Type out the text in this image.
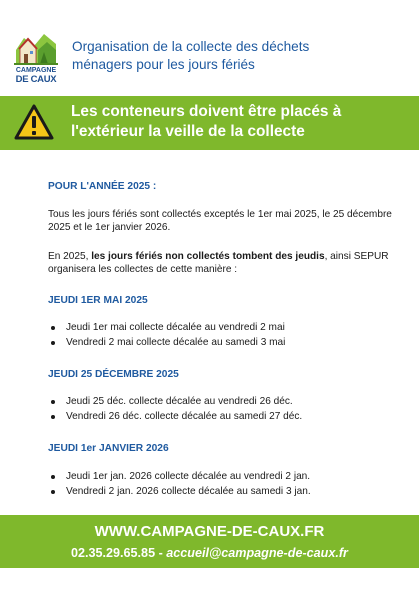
CAMPAGNE
DE CAUX
Organisation de la collecte des déchets ménagers pour les jours fériés
Les conteneurs doivent être placés à l'extérieur la veille de la collecte
POUR L'ANNÉE 2025 :
Tous les jours fériés sont collectés exceptés le 1er mai 2025, le 25 décembre 2025 et le 1er janvier 2026.
En 2025, les jours fériés non collectés tombent des jeudis, ainsi SEPUR organisera les collectes de cette manière :
JEUDI 1ER MAI 2025
Jeudi 1er mai collecte décalée au vendredi 2 mai
Vendredi 2 mai collecte décalée au samedi 3 mai
JEUDI 25 DÉCEMBRE 2025
Jeudi 25 déc. collecte décalée au vendredi 26 déc.
Vendredi 26 déc. collecte décalée au samedi 27 déc.
JEUDI 1er JANVIER 2026
Jeudi 1er jan. 2026 collecte décalée au vendredi 2 jan.
Vendredi 2 jan. 2026 collecte décalée au samedi 3 jan.
WWW.CAMPAGNE-DE-CAUX.FR
02.35.29.65.85 - accueil@campagne-de-caux.fr
